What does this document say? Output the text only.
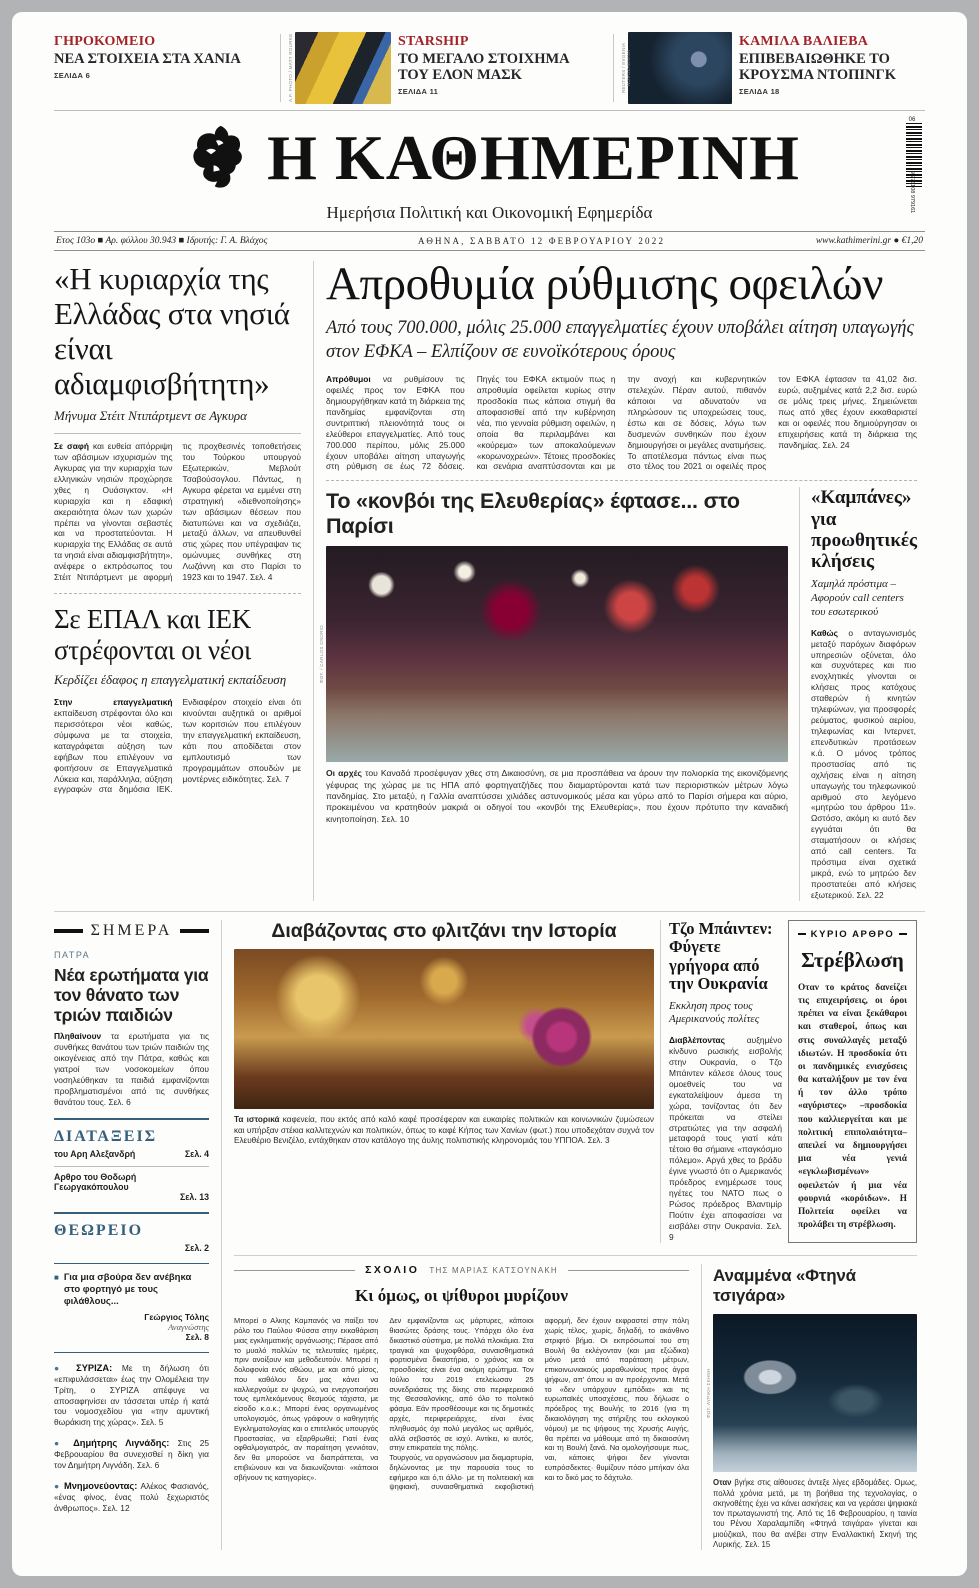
ΓΗΡΟΚΟΜΕΙΟ
ΝΕΑ ΣΤΟΙΧΕΙΑ ΣΤΑ ΧΑΝΙΑ
ΣΕΛΙΔΑ 6	A.P. PHOTO / MATT ROURKE	STARSHIP
ΤΟ ΜΕΓΑΛΟ ΣΤΟΙΧΗΜΑ ΤΟΥ ΕΛΟΝ ΜΑΣΚ
ΣΕΛΙΔΑ 11	REUTERS / EVGENIA NOVOZHENINA
ΚΑΜΙΛΑ ΒΑΛΙΕΒΑ
ΕΠΙΒΕΒΑΙΩΘΗΚΕ ΤΟ ΚΡΟΥΣΜΑ ΝΤΟΠΙΝΓΚ
ΣΕΛΙΔΑ 18
Η ΚΑΘΗΜΕΡΙΝΗ
Ημερήσια Πολιτική και Οικονομική Εφημερίδα
06
9 771108 979161
Ετος 103ο ■ Αρ. φύλλου 30.943 ■ Ιδρυτής: Γ. Α. Βλάχος	ΑΘΗΝΑ, ΣΑΒΒΑΤΟ 12 ΦΕΒΡΟΥΑΡΙΟΥ 2022	www.kathimerini.gr ● €1,20
«Η κυριαρχία της Ελλάδας στα νησιά είναι αδιαμφισβήτητη»
Μήνυμα Στέιτ Ντιπάρτμεντ σε Αγκυρα

Σε σαφή και ευθεία απόρριψη των αβάσιμων ισχυρισμών της Αγκυρας για την κυριαρχία των ελληνικών νησιών προχώρησε χθες η Ουάσιγκτον. «Η κυριαρχία και η εδαφική ακεραιότητα όλων των χωρών πρέπει να γίνονται σεβαστές και να προστατεύονται. Η κυριαρχία της Ελλάδας σε αυτά τα νησιά είναι αδιαμφισβήτητη», ανέφερε ο εκπρόσωπος του Στέιτ Ντιπάρτμεντ με αφορμή τις προχθεσινές τοποθετήσεις του Τούρκου υπουργού Εξωτερικών, Μεβλούτ Τσαβούσογλου. Πάντως, η Αγκυρα φέρεται να εμμένει στη στρατηγική «διεθνοποίησης» των αβάσιμων θέσεων που διατυπώνει και να σχεδιάζει, μεταξύ άλλων, να απευθυνθεί στις χώρες που υπέγραψαν τις ομώνυμες συνθήκες στη Λωζάννη και στο Παρίσι το 1923 και το 1947. Σελ. 4

Σε ΕΠΑΛ και ΙΕΚ στρέφονται οι νέοι
Κερδίζει έδαφος η επαγγελματική εκπαίδευση

Στην επαγγελματική εκπαίδευση στρέφονται όλο και περισσότεροι νέοι καθώς, σύμφωνα με τα στοιχεία, καταγράφεται αύξηση των εφήβων που επιλέγουν να φοιτήσουν σε Επαγγελματικά Λύκεια και, παράλληλα, αύξηση εγγραφών στα δημόσια ΙΕΚ. Ενδιαφέρον στοιχείο είναι ότι κινούνται αυξητικά οι αριθμοί των κοριτσιών που επιλέγουν την επαγγελματική εκπαίδευση, κάτι που αποδίδεται στον εμπλουτισμό των προγραμμάτων σπουδών με μοντέρνες ειδικότητες. Σελ. 7

Απροθυμία ρύθμισης οφειλών
Από τους 700.000, μόλις 25.000 επαγγελματίες έχουν υποβάλει αίτηση υπαγωγής στον ΕΦΚΑ – Ελπίζουν σε ευνοϊκότερους όρους

Απρόθυμοι να ρυθμίσουν τις οφειλές προς τον ΕΦΚΑ που δημιουργήθηκαν κατά τη διάρκεια της πανδημίας εμφανίζονται στη συντριπτική πλειονότητά τους οι ελεύθεροι επαγγελματίες. Από τους 700.000 περίπου, μόλις 25.000 έχουν υποβάλει αίτηση υπαγωγής στη ρύθμιση σε έως 72 δόσεις. Πηγές του ΕΦΚΑ εκτιμούν πως η απροθυμία οφείλεται κυρίως στην προσδοκία πως κάποια στιγμή θα αποφασισθεί από την κυβέρνηση νέα, πιο γενναία ρύθμιση οφειλών, η οποία θα περιλαμβάνει και «κούρεμα» των αποκαλούμενων «κορωνοχρεών». Τέτοιες προσδοκίες και σενάρια αναπτύσσονται και με την ανοχή και κυβερνητικών στελεχών. Πέραν αυτού, πιθανόν κάποιοι να αδυνατούν να πληρώσουν τις υποχρεώσεις τους, έστω και σε δόσεις, λόγω των δυσμενών συνθηκών που έχουν δημιουργήσει οι μεγάλες ανατιμήσεις. Το αποτέλεσμα πάντως είναι πως στο τέλος του 2021 οι οφειλές προς τον ΕΦΚΑ έφτασαν τα 41,02 δισ. ευρώ, αυξημένες κατά 2,2 δισ. ευρώ σε μόλις τρεις μήνες. Σημειώνεται πως από χθες έχουν εκκαθαριστεί και οι οφειλές που δημιούργησαν οι επιχειρήσεις κατά τη διάρκεια της πανδημίας. Σελ. 24

Το «κονβόι της Ελευθερίας» έφτασε... στο Παρίσι
ΦΩΤ. / CARLOS OSORIO

Οι αρχές του Καναδά προσέφυγαν χθες στη Δικαιοσύνη, σε μια προσπάθεια να άρουν την πολιορκία της εικονιζόμενης γέφυρας της χώρας με τις ΗΠΑ από φορτηγατζήδες που διαμαρτύρονται κατά των περιοριστικών μέτρων λόγω πανδημίας. Στο μεταξύ, η Γαλλία αναπτύσσει χιλιάδες αστυνομικούς μέσα και γύρω από το Παρίσι σήμερα και αύριο, προκειμένου να κρατηθούν μακριά οι οδηγοί του «κονβόι της Ελευθερίας», που έχουν πρότυπο την καναδική κινητοποίηση. Σελ. 10

«Καμπάνες» για προωθητικές κλήσεις
Χαμηλά πρόστιμα – Αφορούν call centers του εσωτερικού

Καθώς ο ανταγωνισμός μεταξύ παρόχων διαφόρων υπηρεσιών οξύνεται, όλο και συχνότερες και πιο ενοχλητικές γίνονται οι κλήσεις προς κατόχους σταθερών ή κινητών τηλεφώνων, για προσφορές ρεύματος, φυσικού αερίου, τηλεφωνίας και Ιντερνετ, επενδυτικών προτάσεων κ.ά. Ο μόνος τρόπος προστασίας από τις οχλήσεις είναι η αίτηση υπαγωγής του τηλεφωνικού αριθμού στο λεγόμενο «μητρώο του άρθρου 11». Ωστόσο, ακόμη κι αυτό δεν εγγυάται ότι θα σταματήσουν οι κλήσεις από call centers. Τα πρόστιμα είναι σχετικά μικρά, ενώ το μητρώο δεν προστατεύει από κλήσεις εξωτερικού. Σελ. 22

ΣΗΜΕΡΑ
ΠΑΤΡΑ
Νέα ερωτήματα για τον θάνατο των τριών παιδιών

Πληθαίνουν τα ερωτήματα για τις συνθήκες θανάτου των τριών παιδιών της οικογένειας από την Πάτρα, καθώς και γιατροί των νοσοκομείων όπου νοσηλεύθηκαν τα παιδιά εμφανίζονται προβληματισμένοι από τις συνθήκες θανάτου τους. Σελ. 6

ΔΙΑΤΑΞΕΙΣ
του Αρη Αλεξανδρή	Σελ. 4
Αρθρο του Θοδωρή Γεωργακόπουλου
Σελ. 13
ΘΕΩΡΕΙΟ
Σελ. 2
■ Για μια σβούρα δεν ανέβηκα στο φορτηγό με τους φιλάθλους...
Γεώργιος Τόλης
Αναγνώστης
Σελ. 8

● ΣΥΡΙΖΑ: Με τη δήλωση ότι «επιφυλάσσεται» έως την Ολομέλεια την Τρίτη, ο ΣΥΡΙΖΑ απέφυγε να αποσαφηνίσει αν τάσσεται υπέρ ή κατά του νομοσχεδίου για «την αμυντική θωράκιση της χώρας». Σελ. 5

● Δημήτρης Λιγνάδης: Στις 25 Φεβρουαρίου θα συνεχισθεί η δίκη για τον Δημήτρη Λιγνάδη. Σελ. 6

● Μνημονεύοντας: Αλέκος Φασιανός, «ένας φίνος, ένας πολύ ξεχωριστός άνθρωπος». Σελ. 12

Διαβάζοντας στο φλιτζάνι την Ιστορία

Τα ιστορικά καφενεία, που εκτός από καλό καφέ προσέφεραν και ευκαιρίες πολιτικών και κοινωνικών ζυμώσεων και υπήρξαν στέκια καλλιτεχνών και πολιτικών, όπως το καφέ Κήπος των Χανίων (φωτ.) που υποδεχόταν συχνά τον Ελευθέριο Βενιζέλο, εντάχθηκαν στον κατάλογο της άυλης πολιτιστικής κληρονομιάς του ΥΠΠΟΑ. Σελ. 3

Τζο Μπάιντεν: Φύγετε γρήγορα από την Ουκρανία
Εκκληση προς τους Αμερικανούς πολίτες

Διαβλέποντας	αυξημένο κίνδυνο ρωσικής εισβολής στην Ουκρανία, ο Τζο Μπάιντεν κάλεσε όλους τους ομοεθνείς του να εγκαταλείψουν άμεσα τη χώρα, τονίζοντας ότι δεν πρόκειται να στείλει στρατιώτες για την ασφαλή μεταφορά τους γιατί κάτι τέτοιο θα σήμαινε «παγκόσμιο πόλεμο». Αργά χθες το βράδυ έγινε γνωστό ότι ο Αμερικανός πρόεδρος ενημέρωσε τους ηγέτες του ΝΑΤΟ πως ο Ρώσος πρόεδρος Βλαντιμίρ Πούτιν έχει αποφασίσει να εισβάλει στην Ουκρανία. Σελ. 9

ΚΥΡΙΟ ΑΡΘΡΟ
Στρέβλωση

Οταν το κράτος δανείζει τις επιχειρήσεις, οι όροι πρέπει να είναι ξεκάθαροι και σταθεροί, όπως και στις συναλλαγές μεταξύ ιδιωτών. Η προσδοκία ότι οι πανδημικές ενισχύσεις θα καταλήξουν με τον ένα ή τον άλλο τρόπο «αγύριστες» –προσδοκία που καλλιεργείται και με πολιτική επιπολαιότητα– απειλεί να δημιουργήσει μια νέα γενιά «εγκλωβισμένων» οφειλετών ή μια νέα φουρνιά «κορόιδων». Η Πολιτεία οφείλει να προλάβει τη στρέβλωση.

ΣΧΟΛΙΟ ΤΗΣ ΜΑΡΙΑΣ ΚΑΤΣΟΥΝΑΚΗ
Κι όμως, οι ψίθυροι μυρίζουν

Μπορεί ο Αλκης Καμπανός να παίξει τον ρόλο του Παύλου Φύσσα στην εκκαθάριση μιας εγκληματικής οργάνωσης; Πέρασε από το μυαλό πολλών τις τελευταίες ημέρες, πριν ανοίξουν και μεθοδευτούν. Μπορεί η δολοφονία ενός αθώου, με και από μίσος, που καθόλου δεν μας κάνει να καλλιεργούμε εν ψυχρώ, να ενεργοποιήσει τους εμπλεκόμενους θεσμούς τάχιστα, με είσοδο κ.ο.κ.; Μπορεί ένας οργανωμένος υπολογισμός, όπως γράφουν ο καθηγητής Εγκληματολογίας και ο επιτελικός υπουργός Προστασίας, να εξαρθρωθεί; Γιατί ένας οφθαλμογιατρός, αν παραίτηση γεννιόταν, δεν θα μπορούσε να διαπράττεται, να επιβιώνουν και να διαιωνίζονται· «κάποιοι σβήνουν τις κατηγορίες».

Δεν εμφανίζονται ως μάρτυρες, κάποιοι θιασώτες δράσης τους. Υπάρχει όλο ένα δικαστικό σύστημα, με πολλά πλοκάμια. Στα τραγικά και ψυχοφθόρα, συναισθηματικά φορτισμένα δικαστήρια, ο χρόνος και οι προσδοκίες είναι ένα ακόμη ερώτημα. Τον Ιούλιο του 2019 ετελείωσαν 25 συνεδριάσεις της δίκης στο περιφερειακό της Θεσσαλονίκης, από όλο το πολιτικό φάσμα. Εάν προσθέσουμε και τις δημοτικές αρχές, περιφερειάρχες, είναι ένας πληθυσμός όχι πολύ μεγάλος ως αριθμός, αλλά σεβαστός σε ισχύ. Αντίκει, κι αυτός, στην επικρατεία της πόλης.

Τουργούς, να οργανώσουν μια διαμαρτυρία, δηλώνοντας με την παρουσία τους το εφήμερο και ό,τι άλλο· με τη πολιτειακή και ψηφιακή, συναισθηματικά εκφοβιστική αφορμή, δεν έχουν εκφραστεί στην πόλη χωρίς τέλος, χωρίς, δηλαδή, το ακάνθινο στριφτό βήμα. Οι εκπρόσωποί του στη Βουλή θα εκλέγονταν (και μια εξώδικα) μόνο μετά από παράταση μέτρων, επικοινωνιακούς μαραθωνίους προς άγρα ψήφων, απ’ όπου κι αν προέρχονται. Μετά το «δεν υπάρχουν εμπόδια» και τις ευρωπαϊκές υποσχέσεις, που δήλωσε ο πρόεδρος της Βουλής το 2016 (για τη δικαιολόγηση της στήριξης του εκλογικού νόμου) με τις ψήφους της Χρυσής Αυγής, θα πρέπει να μάθουμε από τη δικαιοσύνη και τη Βουλή ξανά. Να ομολογήσουμε πως, ναι, κάποιες ψήφοι δεν γίνονται ευπρόσδεκτες· θυμίζουν πόσο μπήκαν όλα και το δικό μας το δάχτυλο.

Αναμμένα «Φτηνά τσιγάρα»
ΦΩΤ. ΛΥΡΙΚΗ ΣΚΗΝΗ

Οταν βγήκε στις αίθουσες άντεξε λίγες εβδομάδες. Ομως, πολλά χρόνια μετά, με τη βοήθεια της τεχνολογίας, ο σκηνοθέτης έχει να κάνει ασκήσεις και να γεράσει ψηφιακά τον πρωταγωνιστή της. Από τις 16 Φεβρουαρίου, η ταινία του Ρένου Χαραλαμπίδη «Φτηνά τσιγάρα» γίνεται και μιούζικαλ, που θα ανέβει στην Εναλλακτική Σκηνή της Λυρικής. Σελ. 15
